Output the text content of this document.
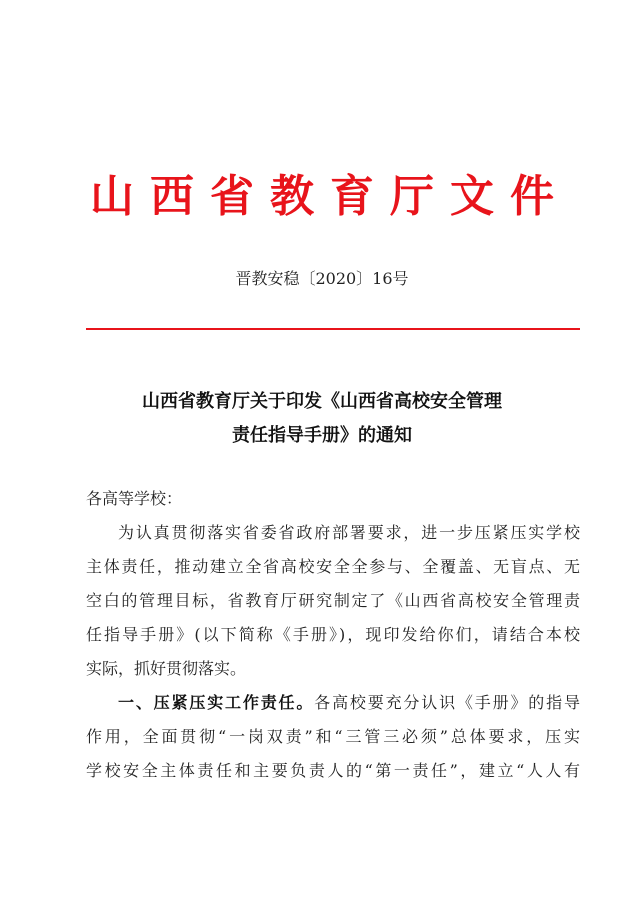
山西省教育厅文件
晋教安稳〔2020〕16号
山西省教育厅关于印发《山西省高校安全管理
责任指导手册》的通知
各高等学校：
为认真贯彻落实省委省政府部署要求，进一步压紧压实学校
主体责任，推动建立全省高校安全全参与、全覆盖、无盲点、无
空白的管理目标，省教育厅研究制定了《山西省高校安全管理责
任指导手册》(以下简称《手册》)，现印发给你们，请结合本校
实际，抓好贯彻落实。
一、压紧压实工作责任。各高校要充分认识《手册》的指导
作用，全面贯彻“一岗双责”和“三管三必须”总体要求，压实
学校安全主体责任和主要负责人的“第一责任”，建立“人人有
